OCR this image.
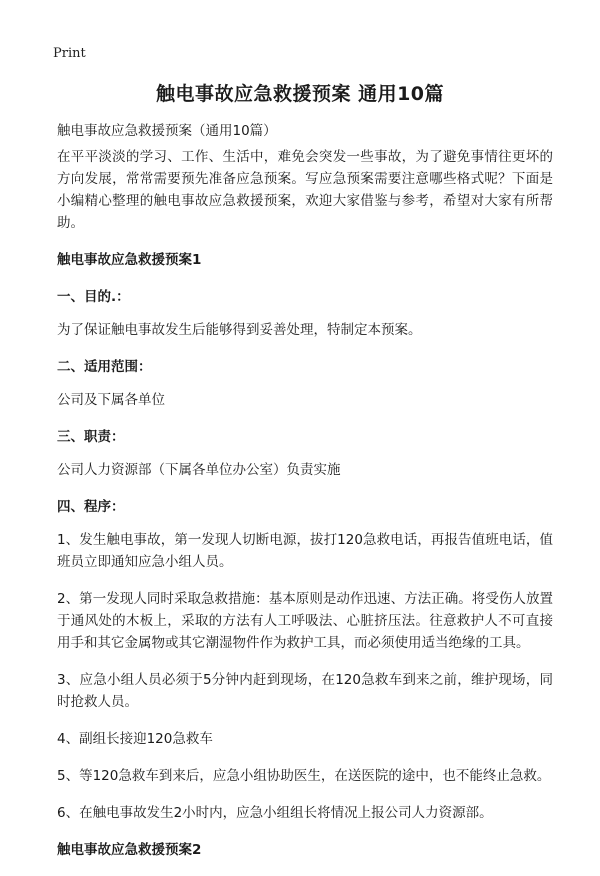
Print
触电事故应急救援预案 通用10篇

触电事故应急救援预案（通用10篇）

在平平淡淡的学习、工作、生活中，难免会突发一些事故，为了避免事情往更坏的方向发展，常常需要预先准备应急预案。写应急预案需要注意哪些格式呢？下面是小编精心整理的触电事故应急救援预案，欢迎大家借鉴与参考，希望对大家有所帮助。

触电事故应急救援预案1

一、目的.：

为了保证触电事故发生后能够得到妥善处理，特制定本预案。

二、适用范围：

公司及下属各单位

三、职责：

公司人力资源部（下属各单位办公室）负责实施

四、程序：

1、发生触电事故，第一发现人切断电源，拔打120急救电话，再报告值班电话，值班员立即通知应急小组人员。

2、第一发现人同时采取急救措施：基本原则是动作迅速、方法正确。将受伤人放置于通风处的木板上，采取的方法有人工呼吸法、心脏挤压法。往意救护人不可直接用手和其它金属物或其它潮湿物件作为救护工具，而必须使用适当绝缘的工具。

3、应急小组人员必须于5分钟内赶到现场，在120急救车到来之前，维护现场，同时抢救人员。

4、副组长接迎120急救车

5、等120急救车到来后，应急小组协助医生，在送医院的途中，也不能终止急救。

6、在触电事故发生2小时内，应急小组组长将情况上报公司人力资源部。

触电事故应急救援预案2
